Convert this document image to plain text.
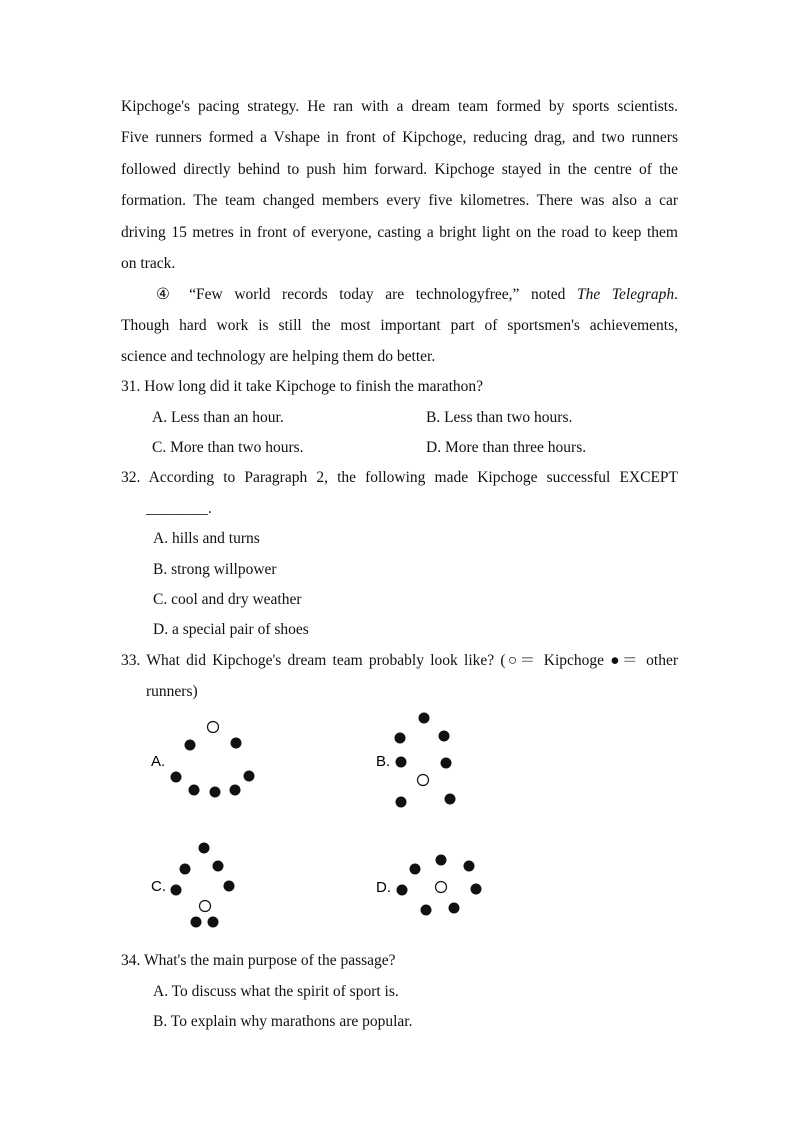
Kipchoge's pacing strategy. He ran with a dream team formed by sports scientists.
Five runners formed a Vshape in front of Kipchoge, reducing drag, and two runners
followed directly behind to push him forward. Kipchoge stayed in the centre of the
formation. The team changed members every five kilometres. There was also a car
driving 15 metres in front of everyone, casting a bright light on the road to keep them
on track.
④ “Few world records today are technologyfree,” noted The Telegraph.
Though hard work is still the most important part of sportsmen's achievements,
science and technology are helping them do better.
31. How long did it take Kipchoge to finish the marathon?
A. Less than an hour.	B. Less than two hours.
C. More than two hours.	D. More than three hours.
32. According to Paragraph 2, the following made Kipchoge successful EXCEPT
________.
A. hills and turns
B. strong willpower
C. cool and dry weather
D. a special pair of shoes
33. What did Kipchoge's dream team probably look like? (○＝ Kipchoge ●＝ other
runners)
A.	B.
C.	D.
34. What's the main purpose of the passage?
A. To discuss what the spirit of sport is.
B. To explain why marathons are popular.
